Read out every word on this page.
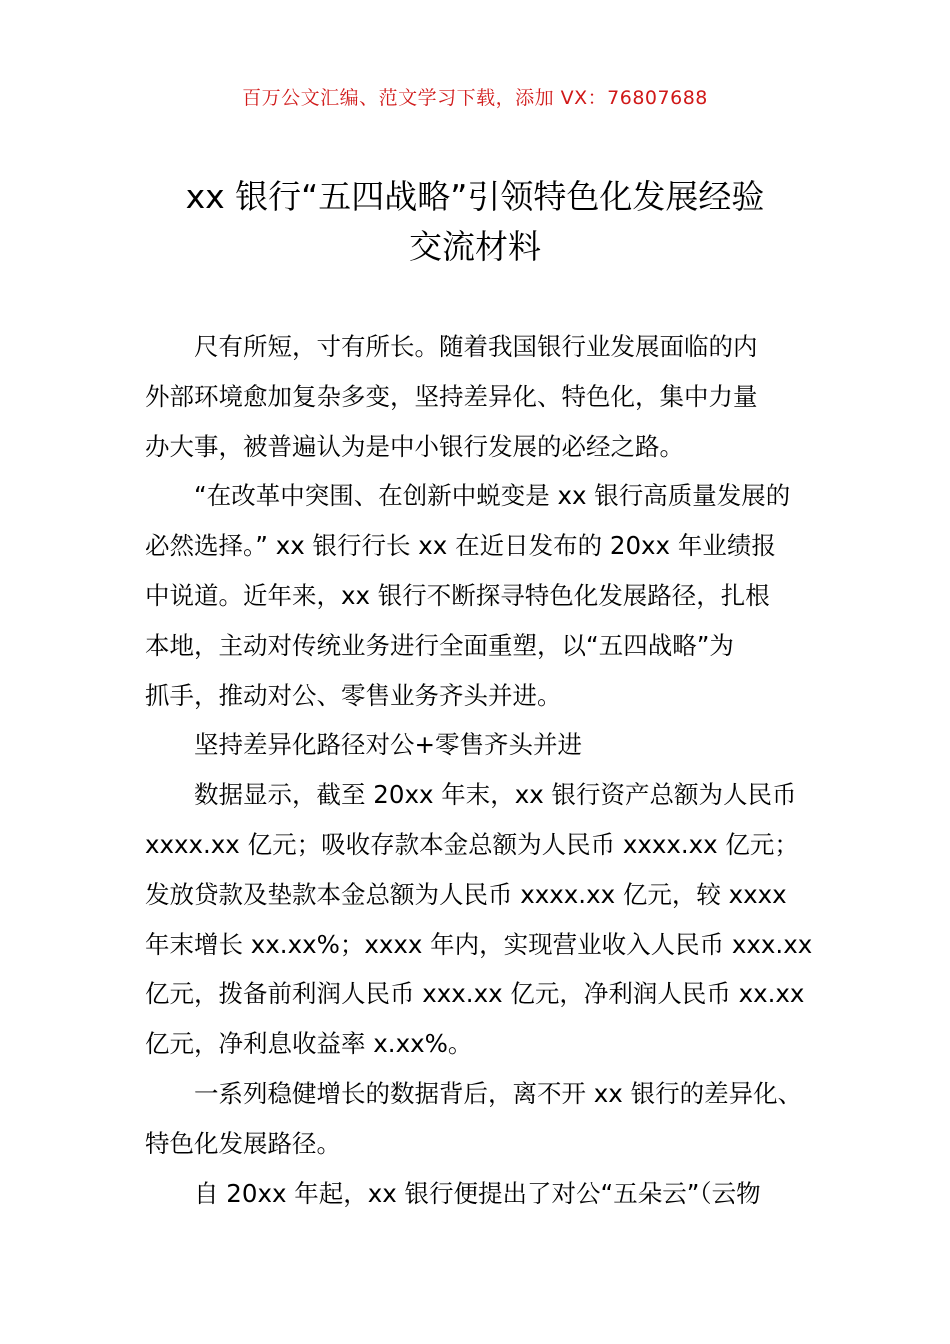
百万公文汇编、范文学习下载，添加 VX：76807688
xx 银行“五四战略”引领特色化发展经验
交流材料

尺有所短，寸有所长。随着我国银行业发展面临的内
外部环境愈加复杂多变，坚持差异化、特色化，集中力量
办大事，被普遍认为是中小银行发展的必经之路。

“在改革中突围、在创新中蜕变是 xx 银行高质量发展的
必然选择。” xx 银行行长 xx 在近日发布的 20xx 年业绩报
中说道。近年来，xx 银行不断探寻特色化发展路径，扎根
本地，主动对传统业务进行全面重塑，以“五四战略”为
抓手，推动对公、零售业务齐头并进。

坚持差异化路径对公+零售齐头并进

数据显示，截至 20xx 年末，xx 银行资产总额为人民币
xxxx.xx 亿元；吸收存款本金总额为人民币 xxxx.xx 亿元；
发放贷款及垫款本金总额为人民币 xxxx.xx 亿元，较 xxxx
年末增长 xx.xx%；xxxx 年内，实现营业收入人民币 xxx.xx
亿元，拨备前利润人民币 xxx.xx 亿元，净利润人民币 xx.xx
亿元，净利息收益率 x.xx%。

一系列稳健增长的数据背后，离不开 xx 银行的差异化、
特色化发展路径。

自 20xx 年起，xx 银行便提出了对公“五朵云”（云物
